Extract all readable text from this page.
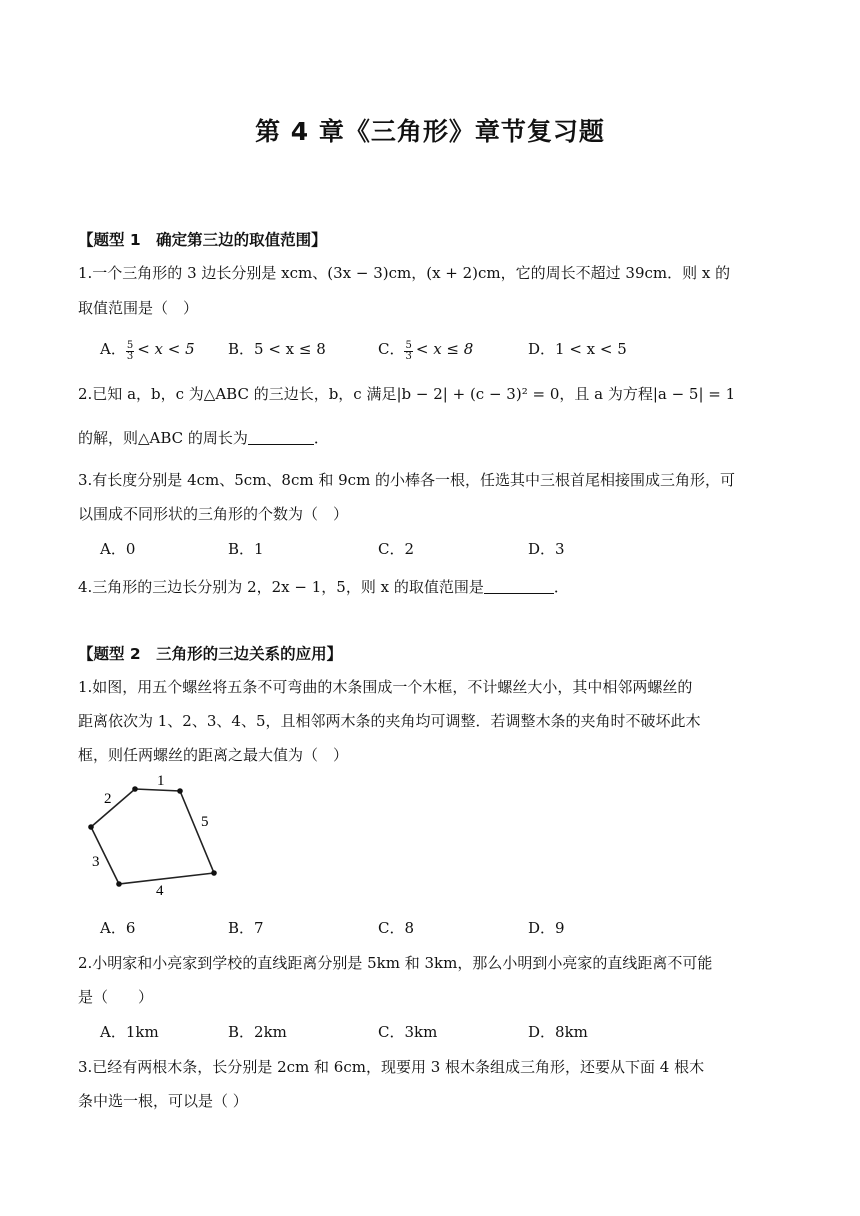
第 4 章《三角形》章节复习题
【题型 1　确定第三边的取值范围】
1.一个三角形的 3 边长分别是 xcm、(3x − 3)cm，(x + 2)cm，它的周长不超过 39cm．则 x 的
取值范围是（　）
A． $\frac{5}{3} < x < 5$ B．5 < x ≤ 8	C． $\frac{5}{3} < x \le 8$	D．1 < x < 5
2.已知 a，b，c 为△ABC 的三边长，b，c 满足|b − 2| + (c − 3)² = 0，且 a 为方程|a − 5| = 1
的解，则△ABC 的周长为	．
3.有长度分别是 4cm、5cm、8cm 和 9cm 的小棒各一根，任选其中三根首尾相接围成三角形，可
以围成不同形状的三角形的个数为（　）
A．0	B．1	C．2	D．3
4.三角形的三边长分别为 2，2x − 1，5，则 x 的取值范围是	．
【题型 2　三角形的三边关系的应用】
1.如图，用五个螺丝将五条不可弯曲的木条围成一个木框，不计螺丝大小，其中相邻两螺丝的
距离依次为 1、2、3、4、5，且相邻两木条的夹角均可调整．若调整木条的夹角时不破坏此木
框，则任两螺丝的距离之最大值为（　）
1
2
3
4
5
A．6	B．7	C．8	D．9
2.小明家和小亮家到学校的直线距离分别是 5km 和 3km，那么小明到小亮家的直线距离不可能
是（　　）
A．1km	B．2km	C．3km	D．8km
3.已经有两根木条，长分别是 2cm 和 6cm，现要用 3 根木条组成三角形，还要从下面 4 根木
条中选一根，可以是（ ）
